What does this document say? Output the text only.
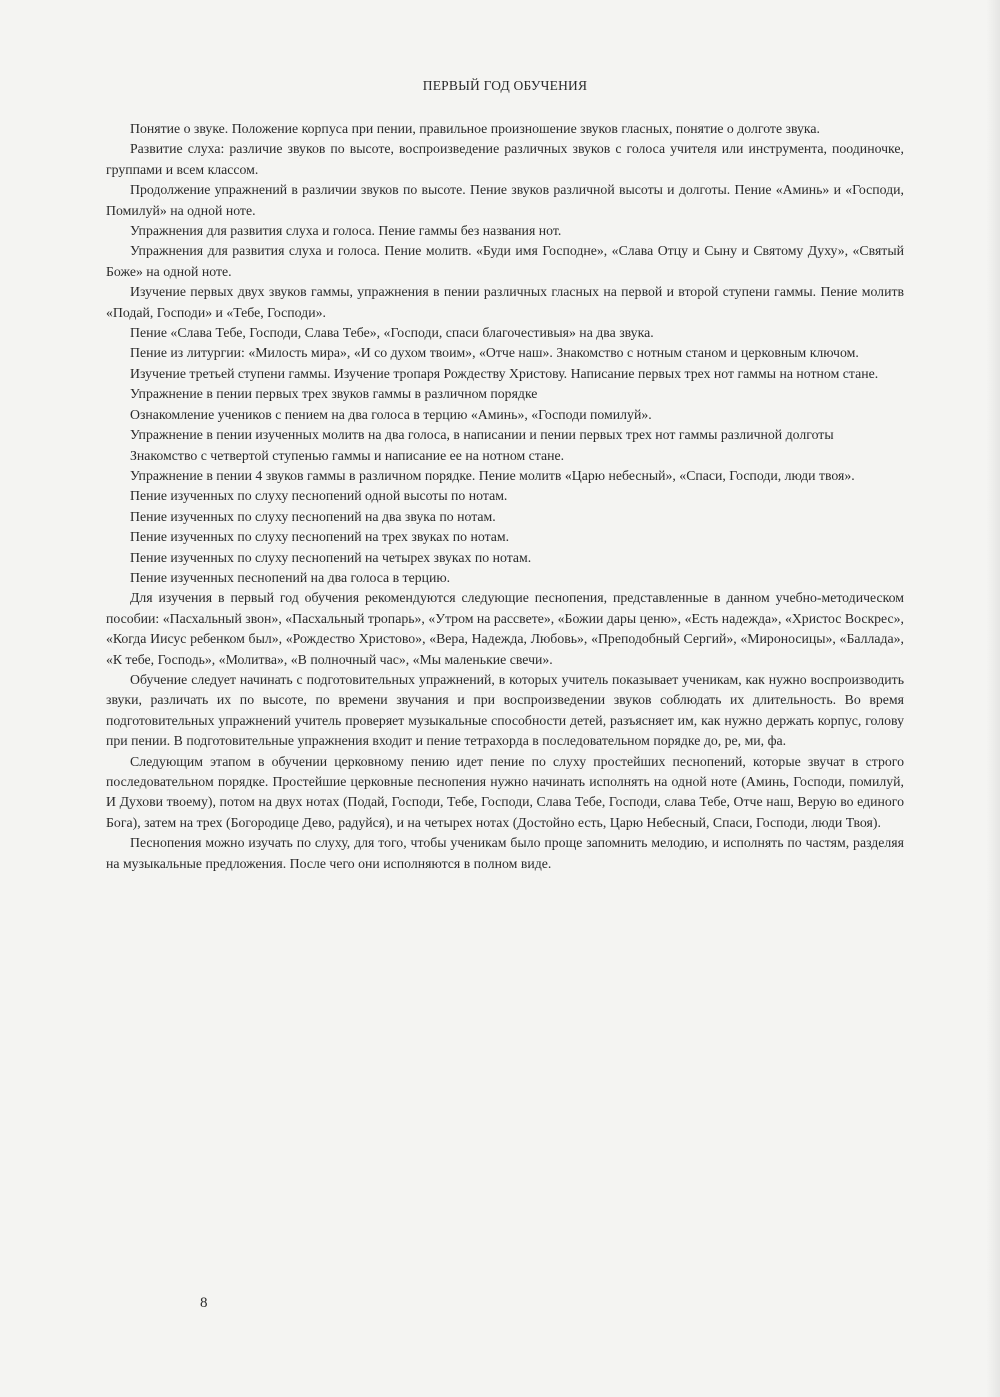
ПЕРВЫЙ ГОД ОБУЧЕНИЯ

Понятие о звуке. Положение корпуса при пении, правильное произношение звуков гласных, понятие о долготе звука.

Развитие слуха: различие звуков по высоте, воспроизведение различных звуков с голоса учителя или инструмента, поодиночке, группами и всем классом.

Продолжение упражнений в различии звуков по высоте. Пение звуков различной высоты и долготы. Пение «Аминь» и «Господи, Помилуй» на одной ноте.

Упражнения для развития слуха и голоса. Пение гаммы без названия нот.

Упражнения для развития слуха и голоса. Пение молитв. «Буди имя Господне», «Слава Отцу и Сыну и Святому Духу», «Святый Боже» на одной ноте.

Изучение первых двух звуков гаммы, упражнения в пении различных гласных на первой и второй ступени гаммы. Пение молитв «Подай, Господи» и «Тебе, Господи».

Пение «Слава Тебе, Господи, Слава Тебе», «Господи, спаси благочестивыя» на два звука.

Пение из литургии: «Милость мира», «И со духом твоим», «Отче наш». Знакомство с нотным станом и церковным ключом.

Изучение третьей ступени гаммы. Изучение тропаря Рождеству Христову. Написание первых трех нот гаммы на нотном стане.

Упражнение в пении первых трех звуков гаммы в различном порядке

Ознакомление учеников с пением на два голоса в терцию «Аминь», «Господи помилуй».

Упражнение в пении изученных молитв на два голоса, в написании и пении первых трех нот гаммы различной долготы

Знакомство с четвертой ступенью гаммы и написание ее на нотном стане.

Упражнение в пении 4 звуков гаммы в различном порядке. Пение молитв «Царю небесный», «Спаси, Господи, люди твоя».

Пение изученных по слуху песнопений одной высоты по нотам.

Пение изученных по слуху песнопений на два звука по нотам.

Пение изученных по слуху песнопений на трех звуках по нотам.

Пение изученных по слуху песнопений на четырех звуках по нотам.

Пение изученных песнопений на два голоса в терцию.

Для изучения в первый год обучения рекомендуются следующие песнопения, представленные в данном учебно-методическом пособии: «Пасхальный звон», «Пасхальный тропарь», «Утром на рассвете», «Божии дары ценю», «Есть надежда», «Христос Воскрес», «Когда Иисус ребенком был», «Рождество Христово», «Вера, Надежда, Любовь», «Преподобный Сергий», «Мироносицы», «Баллада», «К тебе, Господь», «Молитва», «В полночный час», «Мы маленькие свечи».

Обучение следует начинать с подготовительных упражнений, в которых учитель показывает ученикам, как нужно воспроизводить звуки, различать их по высоте, по времени звучания и при воспроизведении звуков соблюдать их длительность. Во время подготовительных упражнений учитель проверяет музыкальные способности детей, разъясняет им, как нужно держать корпус, голову при пении. В подготовительные упражнения входит и пение тетрахорда в последовательном порядке до, ре, ми, фа.

Следующим этапом в обучении церковному пению идет пение по слуху простейших песнопений, которые звучат в строго последовательном порядке. Простейшие церковные песнопения нужно начинать исполнять на одной ноте (Аминь, Господи, помилуй, И Духови твоему), потом на двух нотах (Подай, Господи, Тебе, Господи, Слава Тебе, Господи, слава Тебе, Отче наш, Верую во единого Бога), затем на трех (Богородице Дево, радуйся), и на четырех нотах (Достойно есть, Царю Небесный, Спаси, Господи, люди Твоя).

Песнопения можно изучать по слуху, для того, чтобы ученикам было проще запомнить мелодию, и исполнять по частям, разделяя на музыкальные предложения. После чего они исполняются в полном виде.

8
